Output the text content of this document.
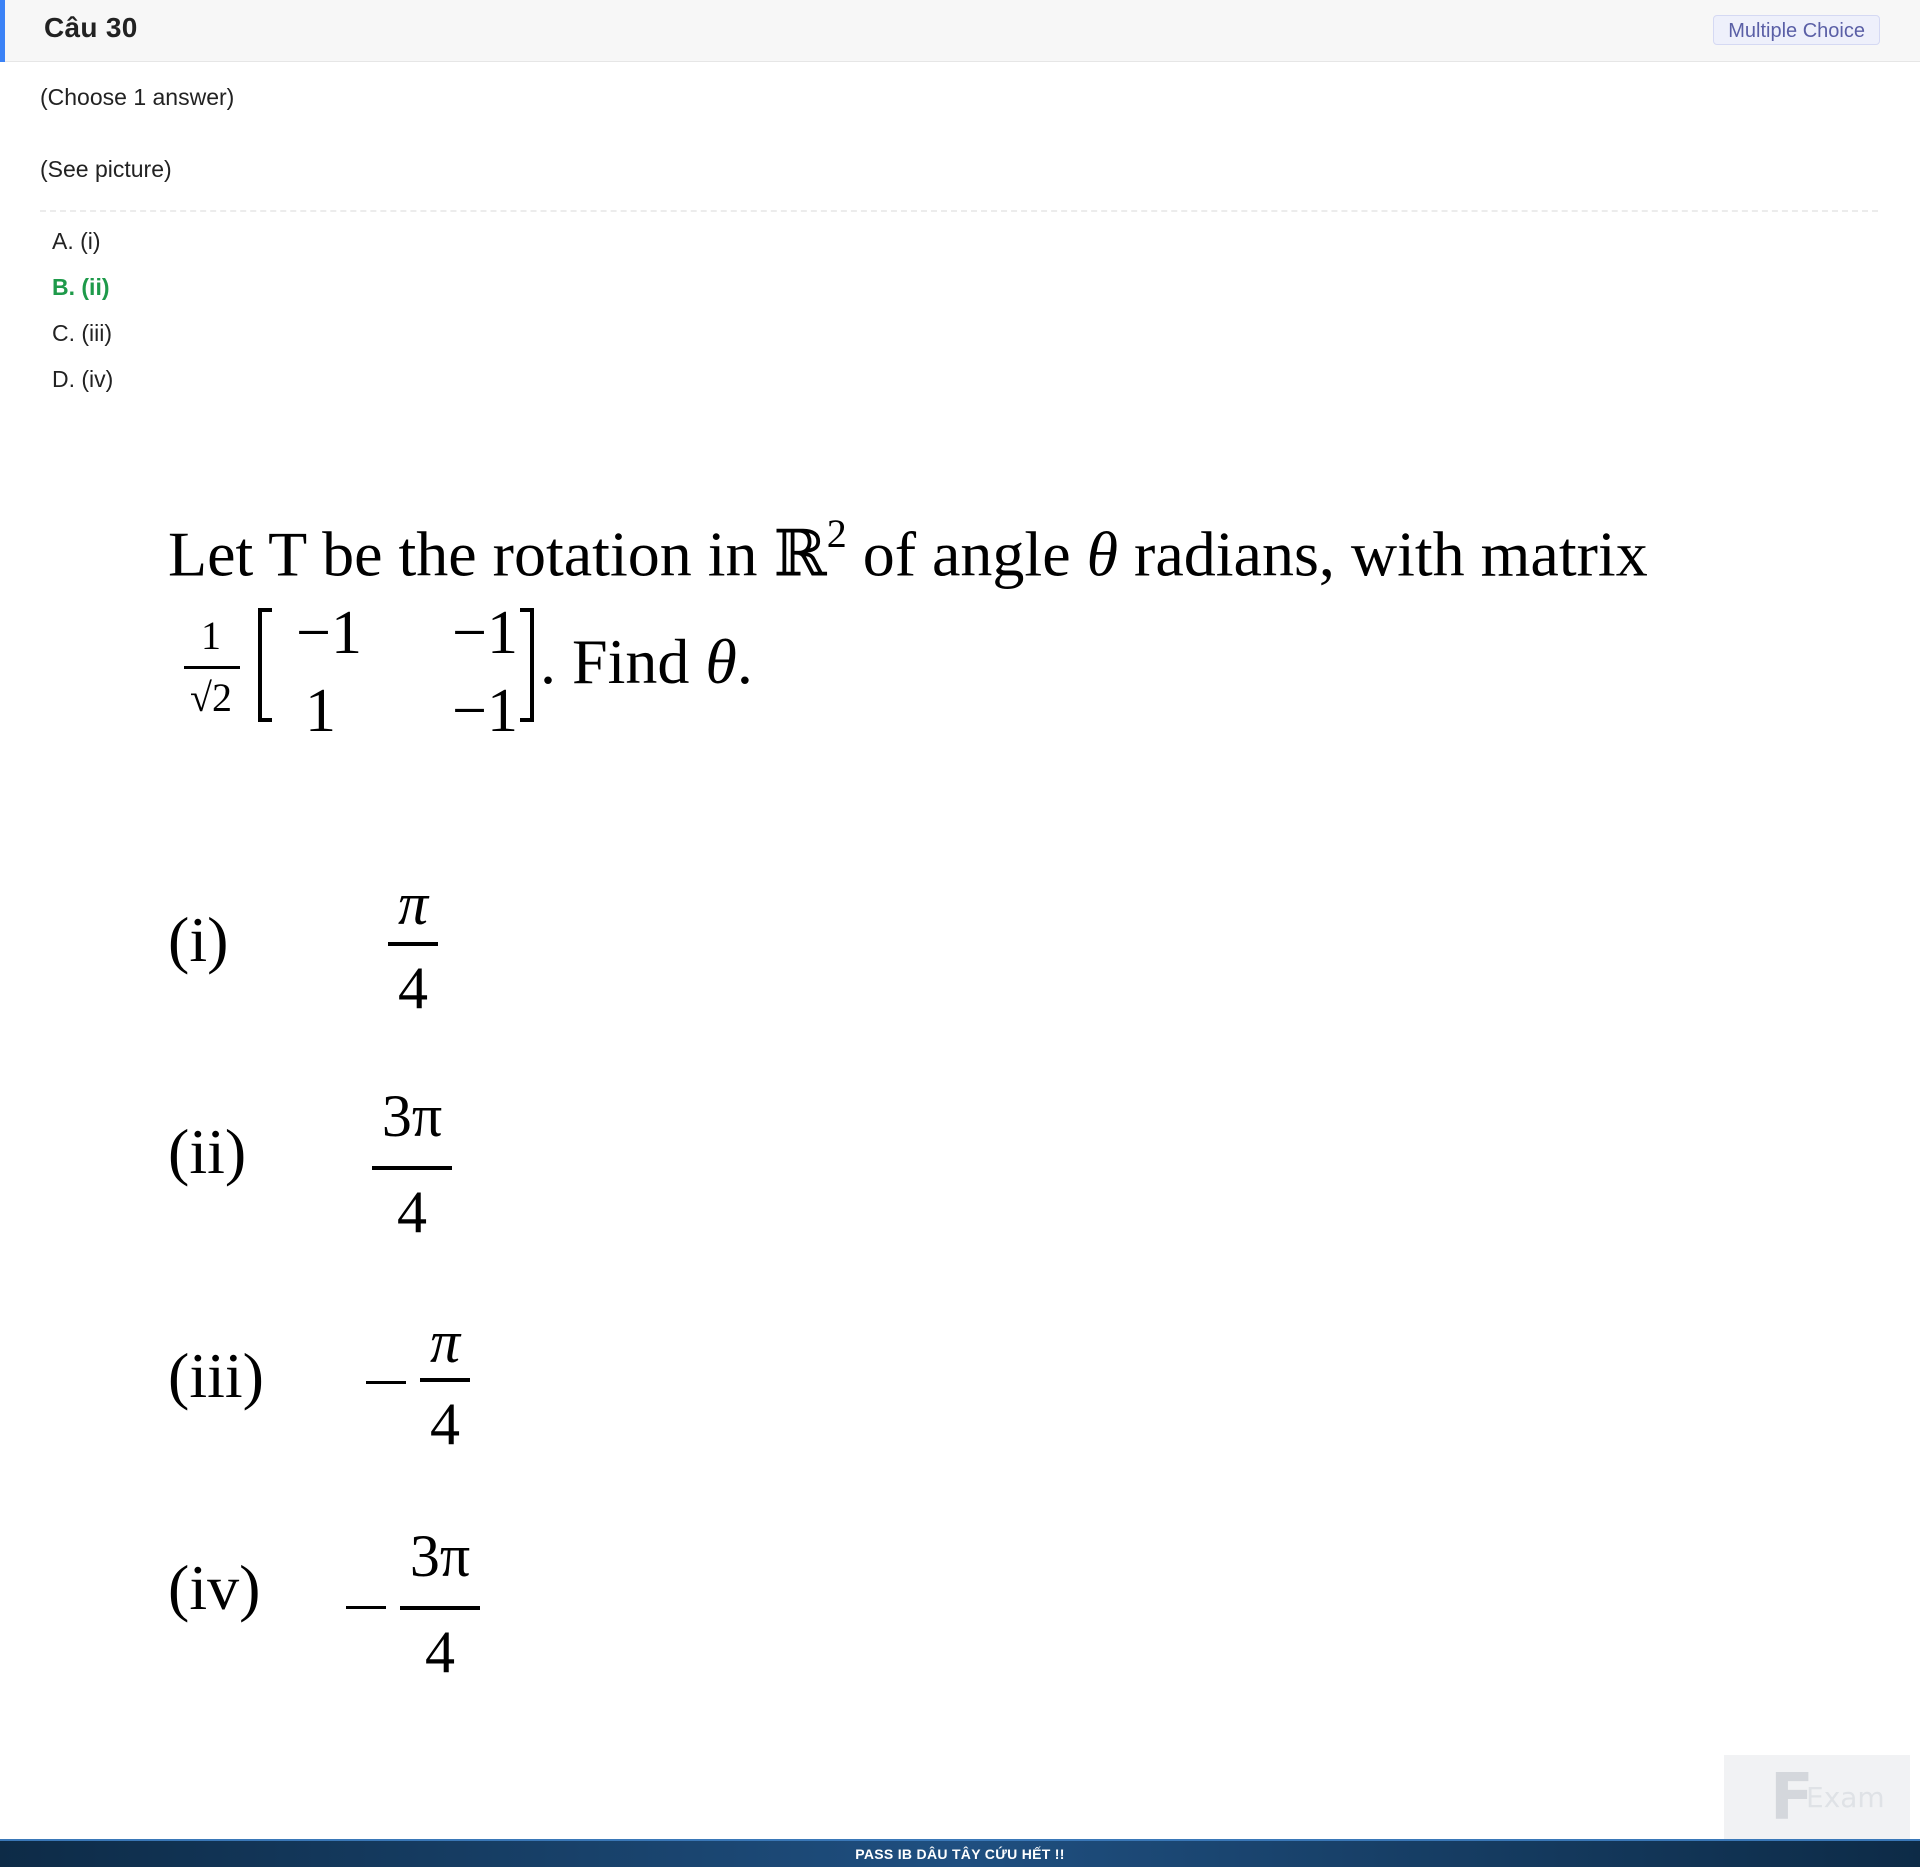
Câu 30	Multiple Choice
(Choose 1 answer)
(See picture)
A. (i)
B. (ii)
C. (iii)
D. (iv)
Let T be the rotation in ℝ$^2$ of angle θ radians, with matrix
1
√2
−1	−1
1	−1
. Find θ.
(i)	π
4
(ii) 3π
4
(iii)	π
4
(iv) 3π
4
F
Exam
PASS IB DÂU TÂY CỨU HẾT !!
